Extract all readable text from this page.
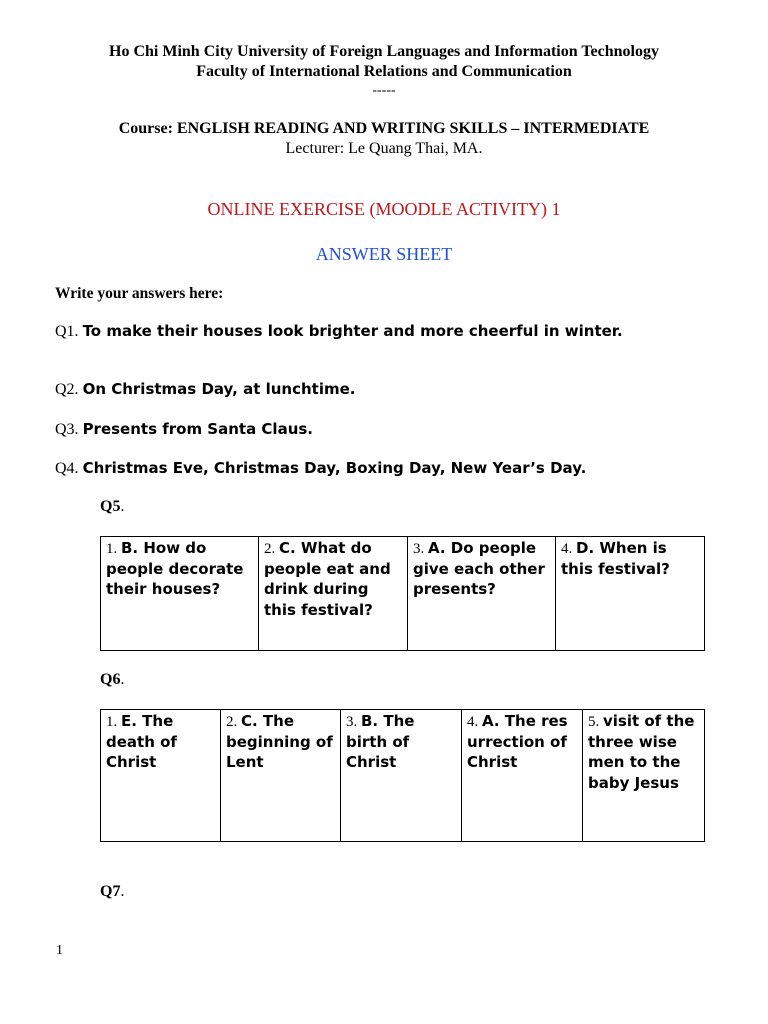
Ho Chi Minh City University of Foreign Languages and Information Technology
Faculty of International Relations and Communication
-----
Course: ENGLISH READING AND WRITING SKILLS – INTERMEDIATE
Lecturer: Le Quang Thai, MA.
ONLINE EXERCISE (MOODLE ACTIVITY) 1
ANSWER SHEET
Write your answers here:
Q1. To make their houses look brighter and more cheerful in winter.
Q2. On Christmas Day, at lunchtime.
Q3. Presents from Santa Claus.
Q4. Christmas Eve, Christmas Day, Boxing Day, New Year’s Day.
Q5.
1. B. How do people decorate their houses?	2. C. What do people eat and drink during this festival?	3. A. Do people give each other presents?	4. D. When is this festival?
Q6.
1. E. The death of Christ	2. C. The beginning of Lent	3. B. The birth of Christ	4. A. The resurrection of Christ	5. visit of the three wise men to the baby Jesus
Q7.
1
